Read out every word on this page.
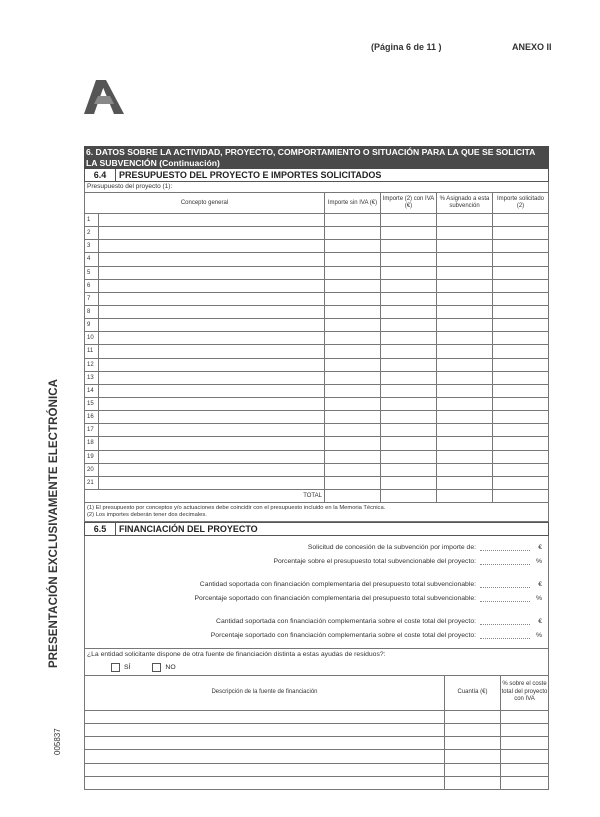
(Página 6 de 11 )	ANEXO II
PRESENTACIÓN EXCLUSIVAMENTE ELECTRÓNICA
005837
6. DATOS SOBRE LA ACTIVIDAD, PROYECTO, COMPORTAMIENTO O SITUACIÓN PARA LA QUE SE SOLICITA LA SUBVENCIÓN (Continuación)
6.4	PRESUPUESTO DEL PROYECTO E IMPORTES SOLICITADOS
Presupuesto del proyecto (1):
Concepto general		Importe sin IVA (€)	Importe (2) con IVA (€)	% Asignado a esta subvención	Importe solicitado (2)
1					
2					
3					
4					
5					
6					
7					
8					
9					
10					
11					
12					
13					
14					
15					
16					
17					
18					
19					
20					
21					
	TOTAL				
(1) El presupuesto por conceptos y/o actuaciones debe coincidir con el presupuesto incluido en la Memoria Técnica.
(2) Los importes deberán tener dos decimales.
6.5	FINANCIACIÓN DEL PROYECTO
Solicitud de concesión de la subvención por importe de:	€
Porcentaje sobre el presupuesto total subvencionable del proyecto:	%
Cantidad soportada con financiación complementaria del presupuesto total subvencionable:	€
Porcentaje soportado con financiación complementaria del presupuesto total subvencionable:	%
Cantidad soportada con financiación complementaria sobre el coste total del proyecto:	€
Porcentaje soportado con financiación complementaria sobre el coste total del proyecto:	%
¿La entidad solicitante dispone de otra fuente de financiación distinta a estas ayudas de residuos?:
SÍ	NO
Descripción de la fuente de financiación	Cuantía (€)	% sobre el coste total del proyecto con IVA
